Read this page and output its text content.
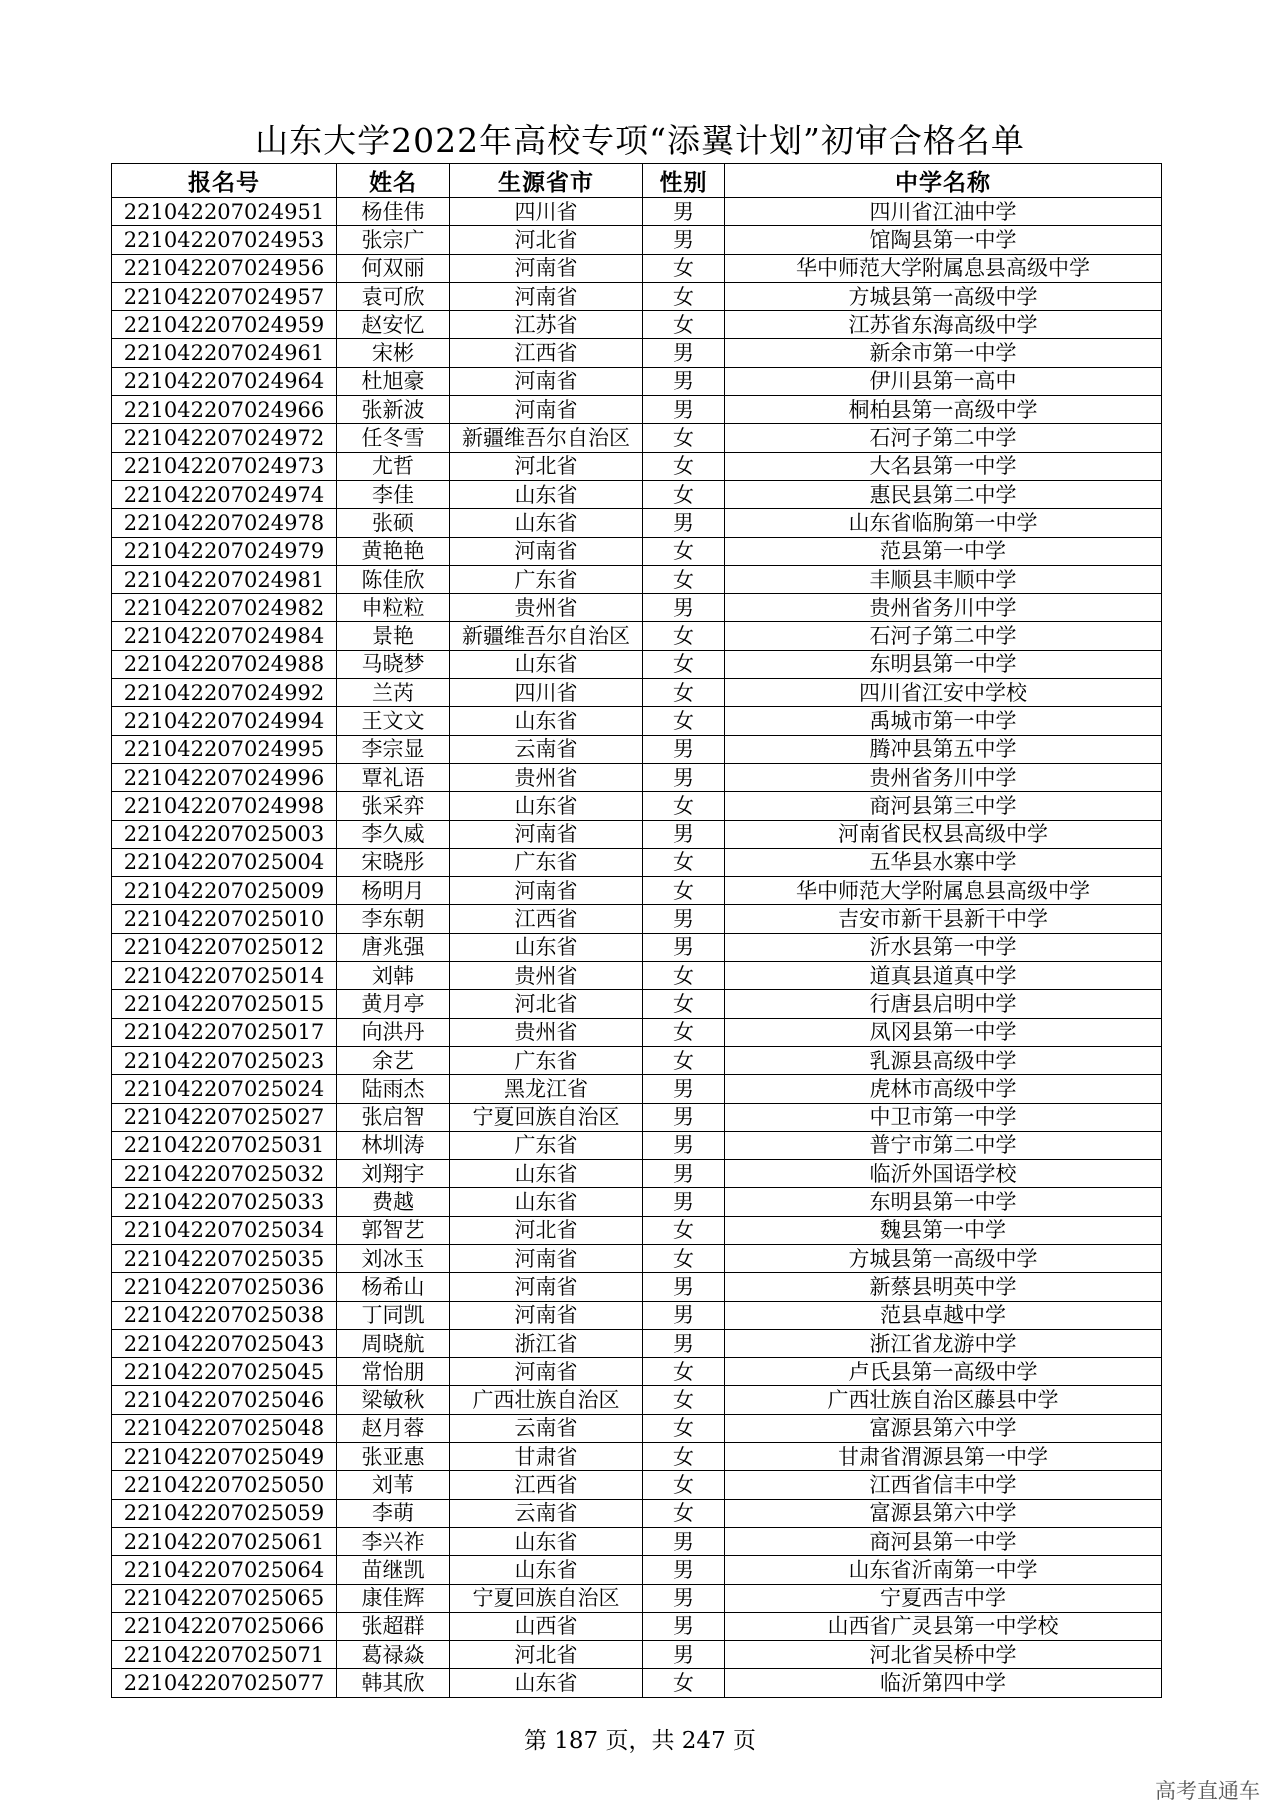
山东大学2022年高校专项“添翼计划”初审合格名单
报名号	姓名	生源省市	性别	中学名称
221042207024951	杨佳伟	四川省	男	四川省江油中学
221042207024953	张宗广	河北省	男	馆陶县第一中学
221042207024956	何双丽	河南省	女	华中师范大学附属息县高级中学
221042207024957	袁可欣	河南省	女	方城县第一高级中学
221042207024959	赵安忆	江苏省	女	江苏省东海高级中学
221042207024961	宋彬	江西省	男	新余市第一中学
221042207024964	杜旭豪	河南省	男	伊川县第一高中
221042207024966	张新波	河南省	男	桐柏县第一高级中学
221042207024972	任冬雪	新疆维吾尔自治区	女	石河子第二中学
221042207024973	尤哲	河北省	女	大名县第一中学
221042207024974	李佳	山东省	女	惠民县第二中学
221042207024978	张硕	山东省	男	山东省临朐第一中学
221042207024979	黄艳艳	河南省	女	范县第一中学
221042207024981	陈佳欣	广东省	女	丰顺县丰顺中学
221042207024982	申粒粒	贵州省	男	贵州省务川中学
221042207024984	景艳	新疆维吾尔自治区	女	石河子第二中学
221042207024988	马晓梦	山东省	女	东明县第一中学
221042207024992	兰芮	四川省	女	四川省江安中学校
221042207024994	王文文	山东省	女	禹城市第一中学
221042207024995	李宗显	云南省	男	腾冲县第五中学
221042207024996	覃礼语	贵州省	男	贵州省务川中学
221042207024998	张采弈	山东省	女	商河县第三中学
221042207025003	李久威	河南省	男	河南省民权县高级中学
221042207025004	宋晓彤	广东省	女	五华县水寨中学
221042207025009	杨明月	河南省	女	华中师范大学附属息县高级中学
221042207025010	李东朝	江西省	男	吉安市新干县新干中学
221042207025012	唐兆强	山东省	男	沂水县第一中学
221042207025014	刘韩	贵州省	女	道真县道真中学
221042207025015	黄月亭	河北省	女	行唐县启明中学
221042207025017	向洪丹	贵州省	女	凤冈县第一中学
221042207025023	余艺	广东省	女	乳源县高级中学
221042207025024	陆雨杰	黑龙江省	男	虎林市高级中学
221042207025027	张启智	宁夏回族自治区	男	中卫市第一中学
221042207025031	林圳涛	广东省	男	普宁市第二中学
221042207025032	刘翔宇	山东省	男	临沂外国语学校
221042207025033	费越	山东省	男	东明县第一中学
221042207025034	郭智艺	河北省	女	魏县第一中学
221042207025035	刘冰玉	河南省	女	方城县第一高级中学
221042207025036	杨希山	河南省	男	新蔡县明英中学
221042207025038	丁同凯	河南省	男	范县卓越中学
221042207025043	周晓航	浙江省	男	浙江省龙游中学
221042207025045	常怡朋	河南省	女	卢氏县第一高级中学
221042207025046	梁敏秋	广西壮族自治区	女	广西壮族自治区藤县中学
221042207025048	赵月蓉	云南省	女	富源县第六中学
221042207025049	张亚惠	甘肃省	女	甘肃省渭源县第一中学
221042207025050	刘苇	江西省	女	江西省信丰中学
221042207025059	李萌	云南省	女	富源县第六中学
221042207025061	李兴祚	山东省	男	商河县第一中学
221042207025064	苗继凯	山东省	男	山东省沂南第一中学
221042207025065	康佳辉	宁夏回族自治区	男	宁夏西吉中学
221042207025066	张超群	山西省	男	山西省广灵县第一中学校
221042207025071	葛禄焱	河北省	男	河北省吴桥中学
221042207025077	韩其欣	山东省	女	临沂第四中学
第 187 页，共 247 页
高考直通车
